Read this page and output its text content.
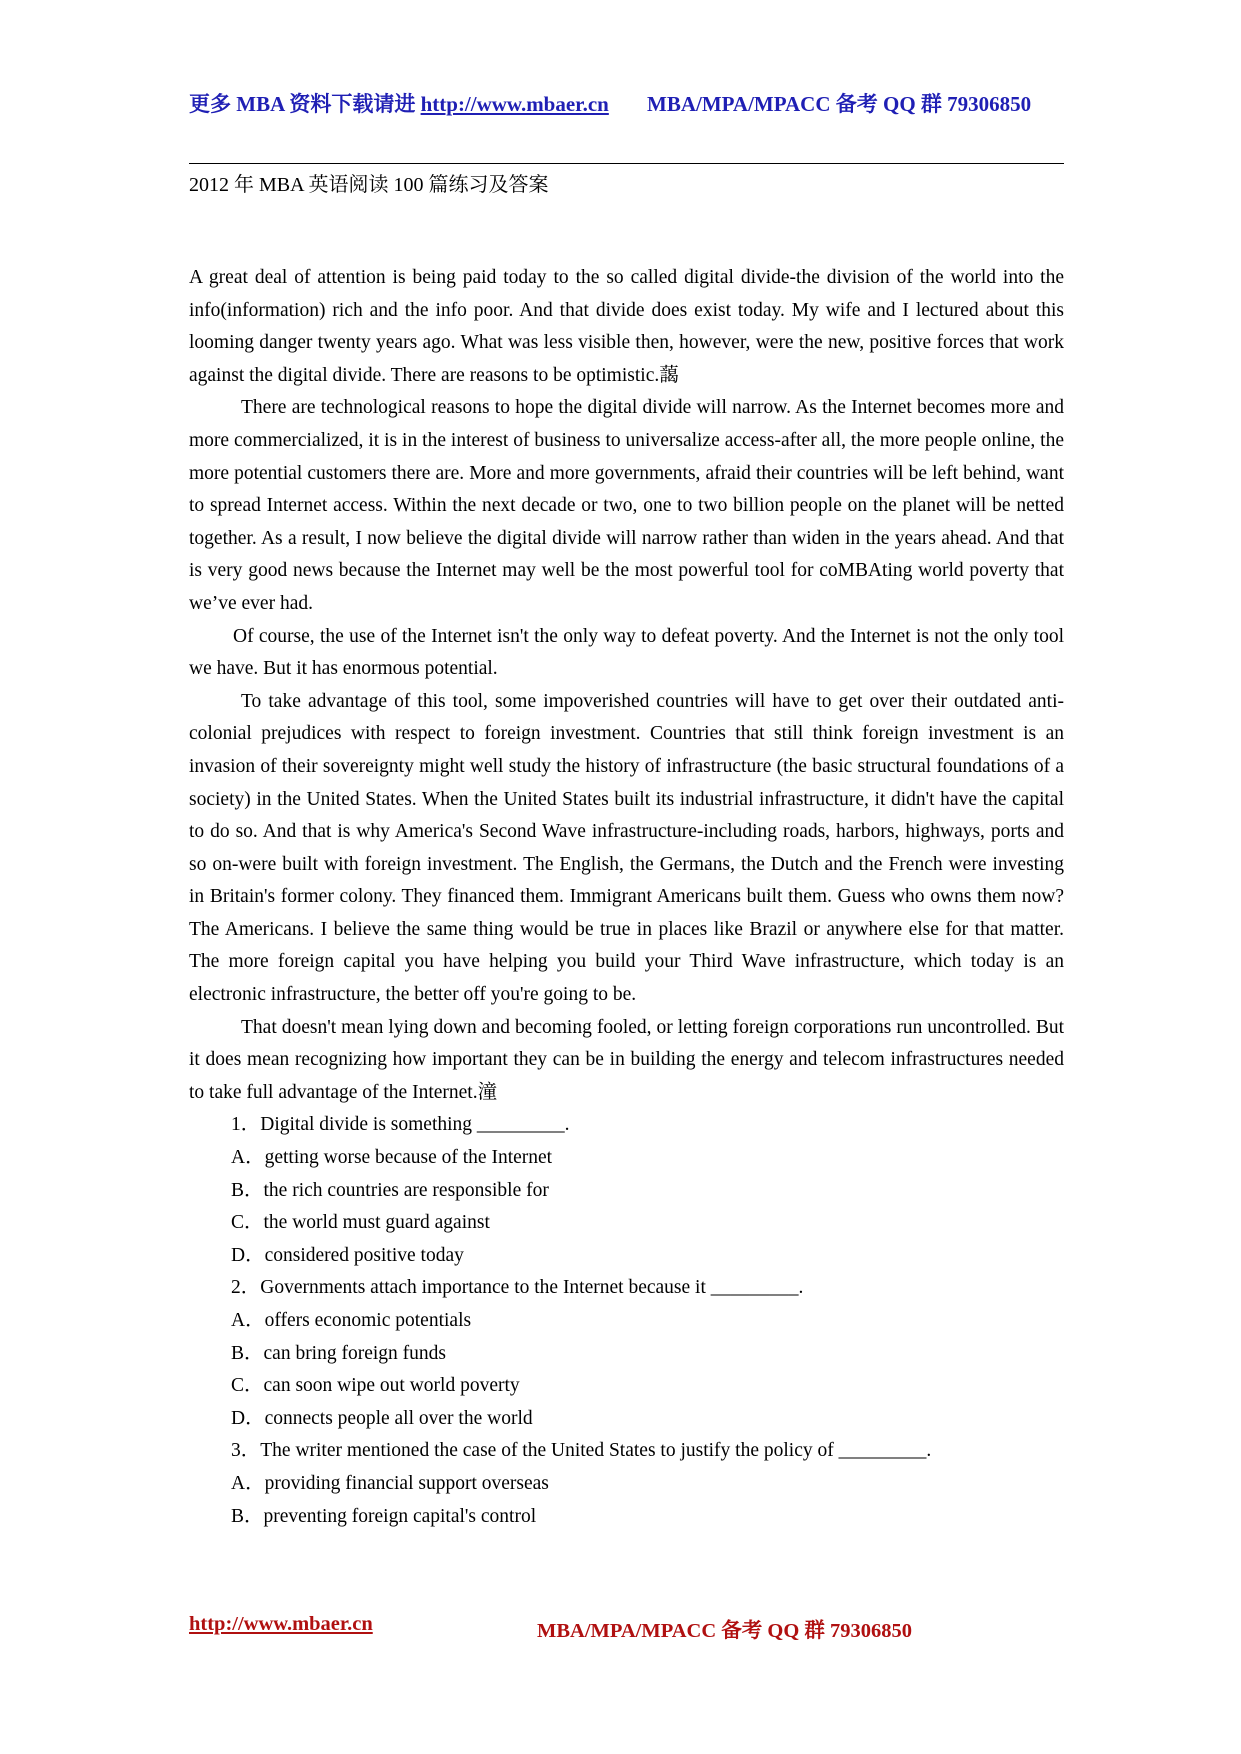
更多 MBA 资料下载请进 http://www.mbaer.cn MBA/MPA/MPACC 备考 QQ 群 79306850
2012 年 MBA 英语阅读 100 篇练习及答案

A great deal of attention is being paid today to the so called digital divide-the division of the world into the info(information) rich and the info poor. And that divide does exist today. My wife and I lectured about this looming danger twenty years ago. What was less visible then, however, were the new, positive forces that work against the digital divide. There are reasons to be optimistic.藹

There are technological reasons to hope the digital divide will narrow. As the Internet becomes more and more commercialized, it is in the interest of business to universalize access-after all, the more people online, the more potential customers there are. More and more governments, afraid their countries will be left behind, want to spread Internet access. Within the next decade or two, one to two billion people on the planet will be netted together. As a result, I now believe the digital divide will narrow rather than widen in the years ahead. And that is very good news because the Internet may well be the most powerful tool for coMBAting world poverty that we’ve ever had.

Of course, the use of the Internet isn't the only way to defeat poverty. And the Internet is not the only tool we have. But it has enormous potential.

To take advantage of this tool, some impoverished countries will have to get over their outdated anti-colonial prejudices with respect to foreign investment. Countries that still think foreign investment is an invasion of their sovereignty might well study the history of infrastructure (the basic structural foundations of a society) in the United States. When the United States built its industrial infrastructure, it didn't have the capital to do so. And that is why America's Second Wave infrastructure-including roads, harbors, highways, ports and so on-were built with foreign investment. The English, the Germans, the Dutch and the French were investing in Britain's former colony. They financed them. Immigrant Americans built them. Guess who owns them now? The Americans. I believe the same thing would be true in places like Brazil or anywhere else for that matter. The more foreign capital you have helping you build your Third Wave infrastructure, which today is an electronic infrastructure, the better off you're going to be.

That doesn't mean lying down and becoming fooled, or letting foreign corporations run uncontrolled. But it does mean recognizing how important they can be in building the energy and telecom infrastructures needed to take full advantage of the Internet.潼

1．Digital divide is something _________.

A．getting worse because of the Internet

B．the rich countries are responsible for

C．the world must guard against

D．considered positive today

2．Governments attach importance to the Internet because it _________.

A．offers economic potentials

B．can bring foreign funds

C．can soon wipe out world poverty

D．connects people all over the world

3．The writer mentioned the case of the United States to justify the policy of _________.

A．providing financial support overseas

B．preventing foreign capital's control

http://www.mbaer.cn	MBA/MPA/MPACC 备考 QQ 群 79306850
